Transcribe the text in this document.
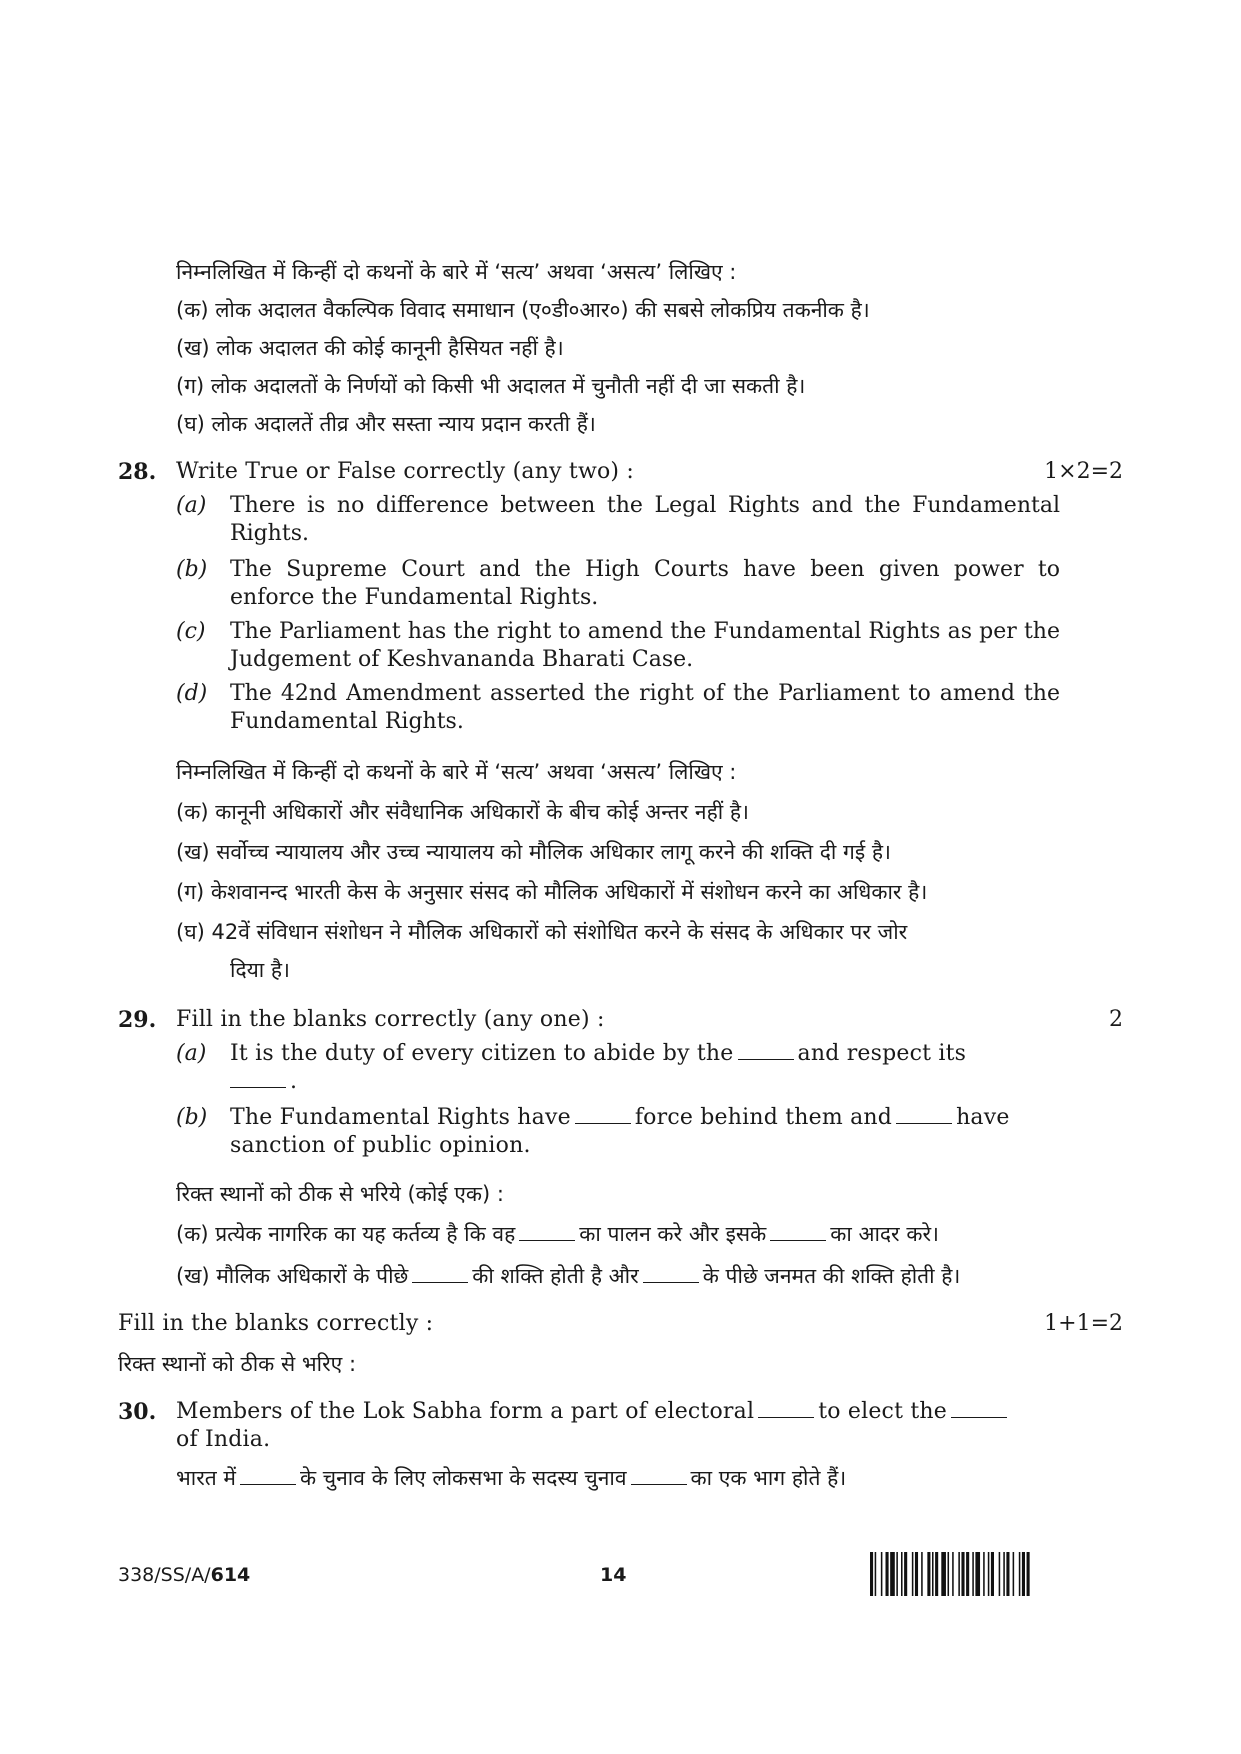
निम्नलिखित में किन्हीं दो कथनों के बारे में ‘सत्य’ अथवा ‘असत्य’ लिखिए :
(क) लोक अदालत वैकल्पिक विवाद समाधान (ए०डी०आर०) की सबसे लोकप्रिय तकनीक है।
(ख) लोक अदालत की कोई कानूनी हैसियत नहीं है।
(ग) लोक अदालतों के निर्णयों को किसी भी अदालत में चुनौती नहीं दी जा सकती है।
(घ) लोक अदालतें तीव्र और सस्ता न्याय प्रदान करती हैं।
28. Write True or False correctly (any two) :	1×2=2
(a) There is no difference between the Legal Rights and the Fundamental Rights.
(b) The Supreme Court and the High Courts have been given power to enforce the Fundamental Rights.
(c) The Parliament has the right to amend the Fundamental Rights as per the Judgement of Keshvananda Bharati Case.
(d) The 42nd Amendment asserted the right of the Parliament to amend the Fundamental Rights.
निम्नलिखित में किन्हीं दो कथनों के बारे में ‘सत्य’ अथवा ‘असत्य’ लिखिए :
(क) कानूनी अधिकारों और संवैधानिक अधिकारों के बीच कोई अन्तर नहीं है।
(ख) सर्वोच्च न्यायालय और उच्च न्यायालय को मौलिक अधिकार लागू करने की शक्ति दी गई है।
(ग) केशवानन्द भारती केस के अनुसार संसद को मौलिक अधिकारों में संशोधन करने का अधिकार है।
(घ) 42वें संविधान संशोधन ने मौलिक अधिकारों को संशोधित करने के संसद के अधिकार पर जोर
दिया है।
29. Fill in the blanks correctly (any one) :	2
(a) It is the duty of every citizen to abide by the	and respect its
.
(b) The Fundamental Rights have	force behind them and	have
sanction of public opinion.
रिक्त स्थानों को ठीक से भरिये (कोई एक) :
(क) प्रत्येक नागरिक का यह कर्तव्य है कि वह	का पालन करे और इसके	का आदर करे।
(ख) मौलिक अधिकारों के पीछे	की शक्ति होती है और	के पीछे जनमत की शक्ति होती है।
Fill in the blanks correctly :	1+1=2
रिक्त स्थानों को ठीक से भरिए :
30. Members of the Lok Sabha form a part of electoral	to elect the
of India.
भारत में	के चुनाव के लिए लोकसभा के सदस्य चुनाव	का एक भाग होते हैं।
338/SS/A/614	14
